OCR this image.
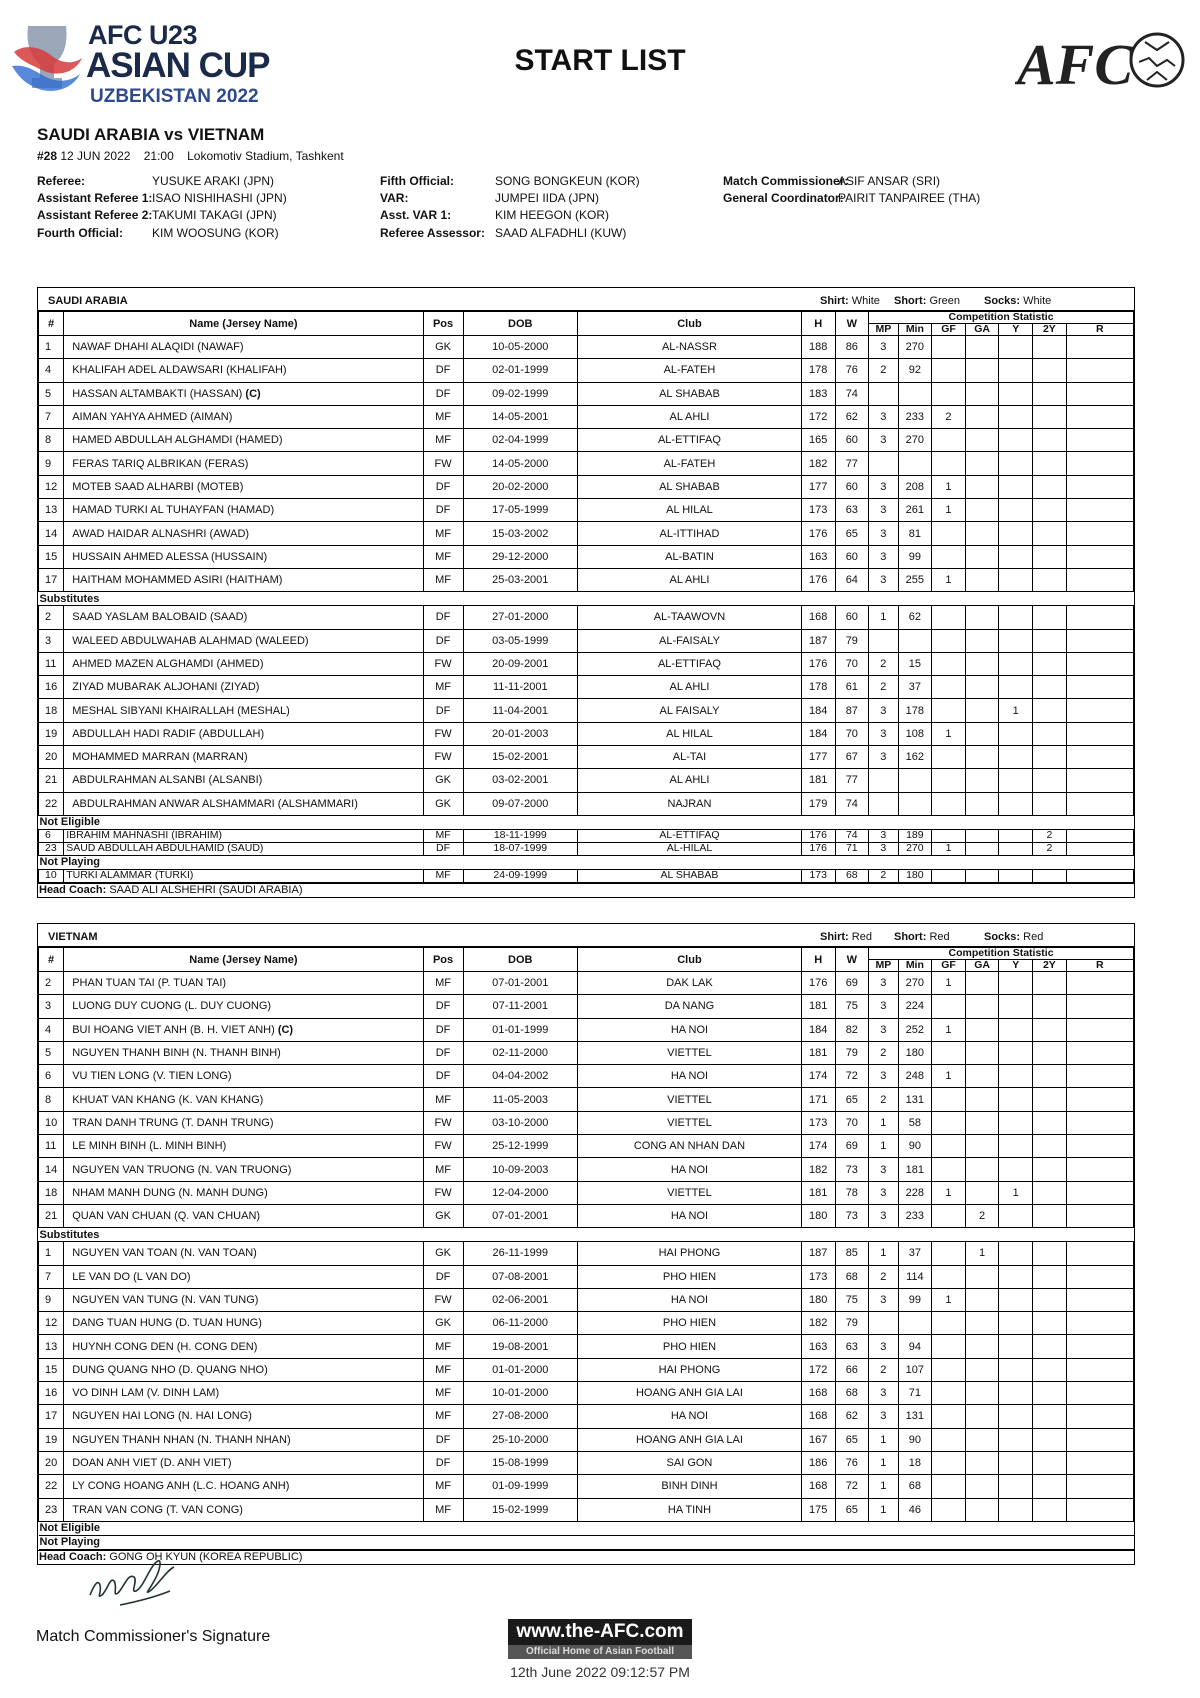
AFC U23
ASIAN CUP
UZBEKISTAN 2022
START LIST	AFC
SAUDI ARABIA vs VIETNAM
#28 12 JUN 2022    21:00    Lokomotiv Stadium, Tashkent
Referee:	YUSUKE ARAKI (JPN)
Assistant Referee 1: ISAO NISHIHASHI (JPN)
Assistant Referee 2: TAKUMI TAKAGI (JPN)
Fourth Official: KIM WOOSUNG (KOR)
Fifth Official:	SONG BONGKEUN (KOR)
VAR:	JUMPEI IIDA (JPN)
Asst. VAR 1:	KIM HEEGON (KOR)
Referee Assessor: SAAD ALFADHLI (KUW)
Match Commissioner:
ASIF ANSAR (SRI)
General Coordinator:
PAIRIT TANPAIREE (THA)
SAUDI ARABIA	Shirt: White Short: Green Socks: White
#	Name (Jersey Name)	Pos	DOB	Club	H	W	Competition Statistic						
							MP	Min	GF	GA	Y	2Y	R
1	NAWAF DHAHI ALAQIDI (NAWAF)	GK	10-05-2000	AL-NASSR	188	86	3	270					
4	KHALIFAH ADEL ALDAWSARI (KHALIFAH)	DF	02-01-1999	AL-FATEH	178	76	2	92					
5	HASSAN ALTAMBAKTI (HASSAN) (C)	DF	09-02-1999	AL SHABAB	183	74							
7	AIMAN YAHYA AHMED (AIMAN)	MF	14-05-2001	AL AHLI	172	62	3	233	2				
8	HAMED ABDULLAH ALGHAMDI (HAMED)	MF	02-04-1999	AL-ETTIFAQ	165	60	3	270					
9	FERAS TARIQ ALBRIKAN (FERAS)	FW	14-05-2000	AL-FATEH	182	77							
12	MOTEB SAAD ALHARBI (MOTEB)	DF	20-02-2000	AL SHABAB	177	60	3	208	1				
13	HAMAD TURKI AL TUHAYFAN (HAMAD)	DF	17-05-1999	AL HILAL	173	63	3	261	1				
14	AWAD HAIDAR ALNASHRI (AWAD)	MF	15-03-2002	AL-ITTIHAD	176	65	3	81					
15	HUSSAIN AHMED ALESSA (HUSSAIN)	MF	29-12-2000	AL-BATIN	163	60	3	99					
17	HAITHAM MOHAMMED ASIRI (HAITHAM)	MF	25-03-2001	AL AHLI	176	64	3	255	1				
Substitutes													
2	SAAD YASLAM BALOBAID (SAAD)	DF	27-01-2000	AL-TAAWOVN	168	60	1	62					
3	WALEED ABDULWAHAB ALAHMAD (WALEED)	DF	03-05-1999	AL-FAISALY	187	79							
11	AHMED MAZEN ALGHAMDI (AHMED)	FW	20-09-2001	AL-ETTIFAQ	176	70	2	15					
16	ZIYAD MUBARAK ALJOHANI (ZIYAD)	MF	11-11-2001	AL AHLI	178	61	2	37					
18	MESHAL SIBYANI KHAIRALLAH (MESHAL)	DF	11-04-2001	AL FAISALY	184	87	3	178			1		
19	ABDULLAH HADI RADIF (ABDULLAH)	FW	20-01-2003	AL HILAL	184	70	3	108	1				
20	MOHAMMED MARRAN (MARRAN)	FW	15-02-2001	AL-TAI	177	67	3	162					
21	ABDULRAHMAN ALSANBI (ALSANBI)	GK	03-02-2001	AL AHLI	181	77							
22	ABDULRAHMAN ANWAR ALSHAMMARI (ALSHAMMARI)	GK	09-07-2000	NAJRAN	179	74							
Not Eligible													
6	IBRAHIM MAHNASHI (IBRAHIM)	MF	18-11-1999	AL-ETTIFAQ	176	74	3	189				2	
23	SAUD ABDULLAH ABDULHAMID (SAUD)	DF	18-07-1999	AL-HILAL	176	71	3	270	1			2	
Not Playing													
10	TURKI ALAMMAR (TURKI)	MF	24-09-1999	AL SHABAB	173	68	2	180					
Head Coach: SAAD ALI ALSHEHRI (SAUDI ARABIA)
VIETNAM	Shirt: Red Short: Red	Socks: Red
#	Name (Jersey Name)	Pos	DOB	Club	H	W	Competition Statistic						
							MP	Min	GF	GA	Y	2Y	R
2	PHAN TUAN TAI (P. TUAN TAI)	MF	07-01-2001	DAK LAK	176	69	3	270	1				
3	LUONG DUY CUONG (L. DUY CUONG)	DF	07-11-2001	DA NANG	181	75	3	224					
4	BUI HOANG VIET ANH (B. H. VIET ANH) (C)	DF	01-01-1999	HA NOI	184	82	3	252	1				
5	NGUYEN THANH BINH (N. THANH BINH)	DF	02-11-2000	VIETTEL	181	79	2	180					
6	VU TIEN LONG (V. TIEN LONG)	DF	04-04-2002	HA NOI	174	72	3	248	1				
8	KHUAT VAN KHANG (K. VAN KHANG)	MF	11-05-2003	VIETTEL	171	65	2	131					
10	TRAN DANH TRUNG (T. DANH TRUNG)	FW	03-10-2000	VIETTEL	173	70	1	58					
11	LE MINH BINH (L. MINH BINH)	FW	25-12-1999	CONG AN NHAN DAN	174	69	1	90					
14	NGUYEN VAN TRUONG (N. VAN TRUONG)	MF	10-09-2003	HA NOI	182	73	3	181					
18	NHAM MANH DUNG (N. MANH DUNG)	FW	12-04-2000	VIETTEL	181	78	3	228	1		1		
21	QUAN VAN CHUAN (Q. VAN CHUAN)	GK	07-01-2001	HA NOI	180	73	3	233		2			
Substitutes													
1	NGUYEN VAN TOAN (N. VAN TOAN)	GK	26-11-1999	HAI PHONG	187	85	1	37		1			
7	LE VAN DO (L VAN DO)	DF	07-08-2001	PHO HIEN	173	68	2	114					
9	NGUYEN VAN TUNG (N. VAN TUNG)	FW	02-06-2001	HA NOI	180	75	3	99	1				
12	DANG TUAN HUNG (D. TUAN HUNG)	GK	06-11-2000	PHO HIEN	182	79							
13	HUYNH CONG DEN (H. CONG DEN)	MF	19-08-2001	PHO HIEN	163	63	3	94					
15	DUNG QUANG NHO (D. QUANG NHO)	MF	01-01-2000	HAI PHONG	172	66	2	107					
16	VO DINH LAM (V. DINH LAM)	MF	10-01-2000	HOANG ANH GIA LAI	168	68	3	71					
17	NGUYEN HAI LONG (N. HAI LONG)	MF	27-08-2000	HA NOI	168	62	3	131					
19	NGUYEN THANH NHAN (N. THANH NHAN)	DF	25-10-2000	HOANG ANH GIA LAI	167	65	1	90					
20	DOAN ANH VIET (D. ANH VIET)	DF	15-08-1999	SAI GON	186	76	1	18					
22	LY CONG HOANG ANH (L.C. HOANG ANH)	MF	01-09-1999	BINH DINH	168	72	1	68					
23	TRAN VAN CONG (T. VAN CONG)	MF	15-02-1999	HA TINH	175	65	1	46					
Not Eligible													
Not Playing													
Head Coach: GONG OH KYUN (KOREA REPUBLIC)
Match Commissioner's Signature	www.the-AFC.com
Official Home of Asian Football
12th June 2022 09:12:57 PM
